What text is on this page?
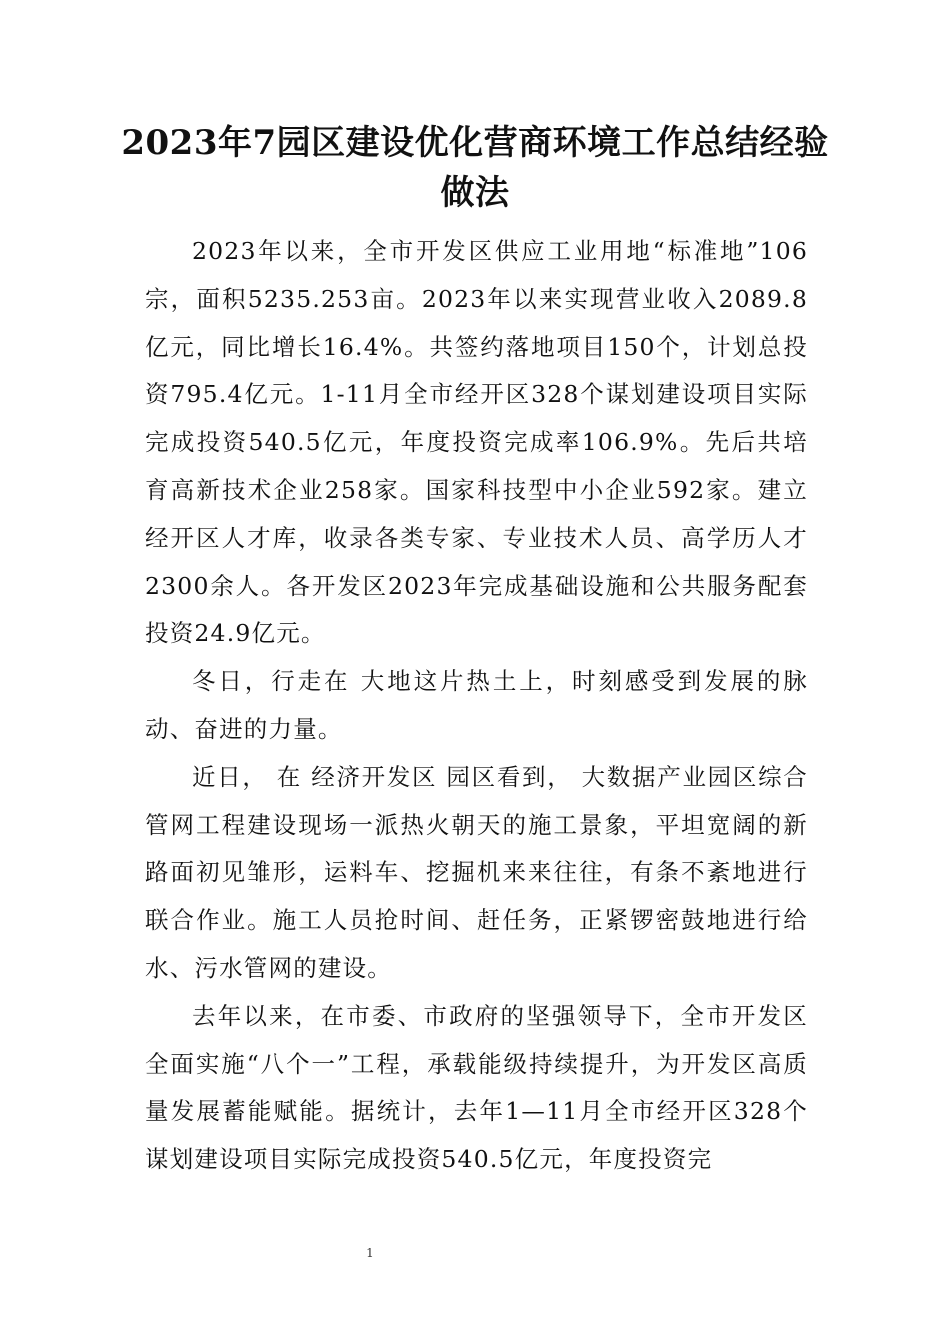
2023年7园区建设优化营商环境工作总结经验做法

2023年以来，全市开发区供应工业用地“标准地”106宗，面积5235.253亩。2023年以来实现营业收入2089.8亿元，同比增长16.4%。共签约落地项目150个，计划总投资795.4亿元。1-11月全市经开区328个谋划建设项目实际完成投资540.5亿元，年度投资完成率106.9%。先后共培育高新技术企业258家。国家科技型中小企业592家。建立经开区人才库，收录各类专家、专业技术人员、高学历人才2300余人。各开发区2023年完成基础设施和公共服务配套投资24.9亿元。

冬日，行走在 大地这片热土上，时刻感受到发展的脉动、奋进的力量。

近日， 在 经济开发区 园区看到， 大数据产业园区综合管网工程建设现场一派热火朝天的施工景象，平坦宽阔的新路面初见雏形，运料车、挖掘机来来往往，有条不紊地进行联合作业。施工人员抢时间、赶任务，正紧锣密鼓地进行给水、污水管网的建设。

去年以来，在市委、市政府的坚强领导下，全市开发区全面实施“八个一”工程，承载能级持续提升，为开发区高质量发展蓄能赋能。据统计，去年1—11月全市经开区328个谋划建设项目实际完成投资540.5亿元，年度投资完

1
